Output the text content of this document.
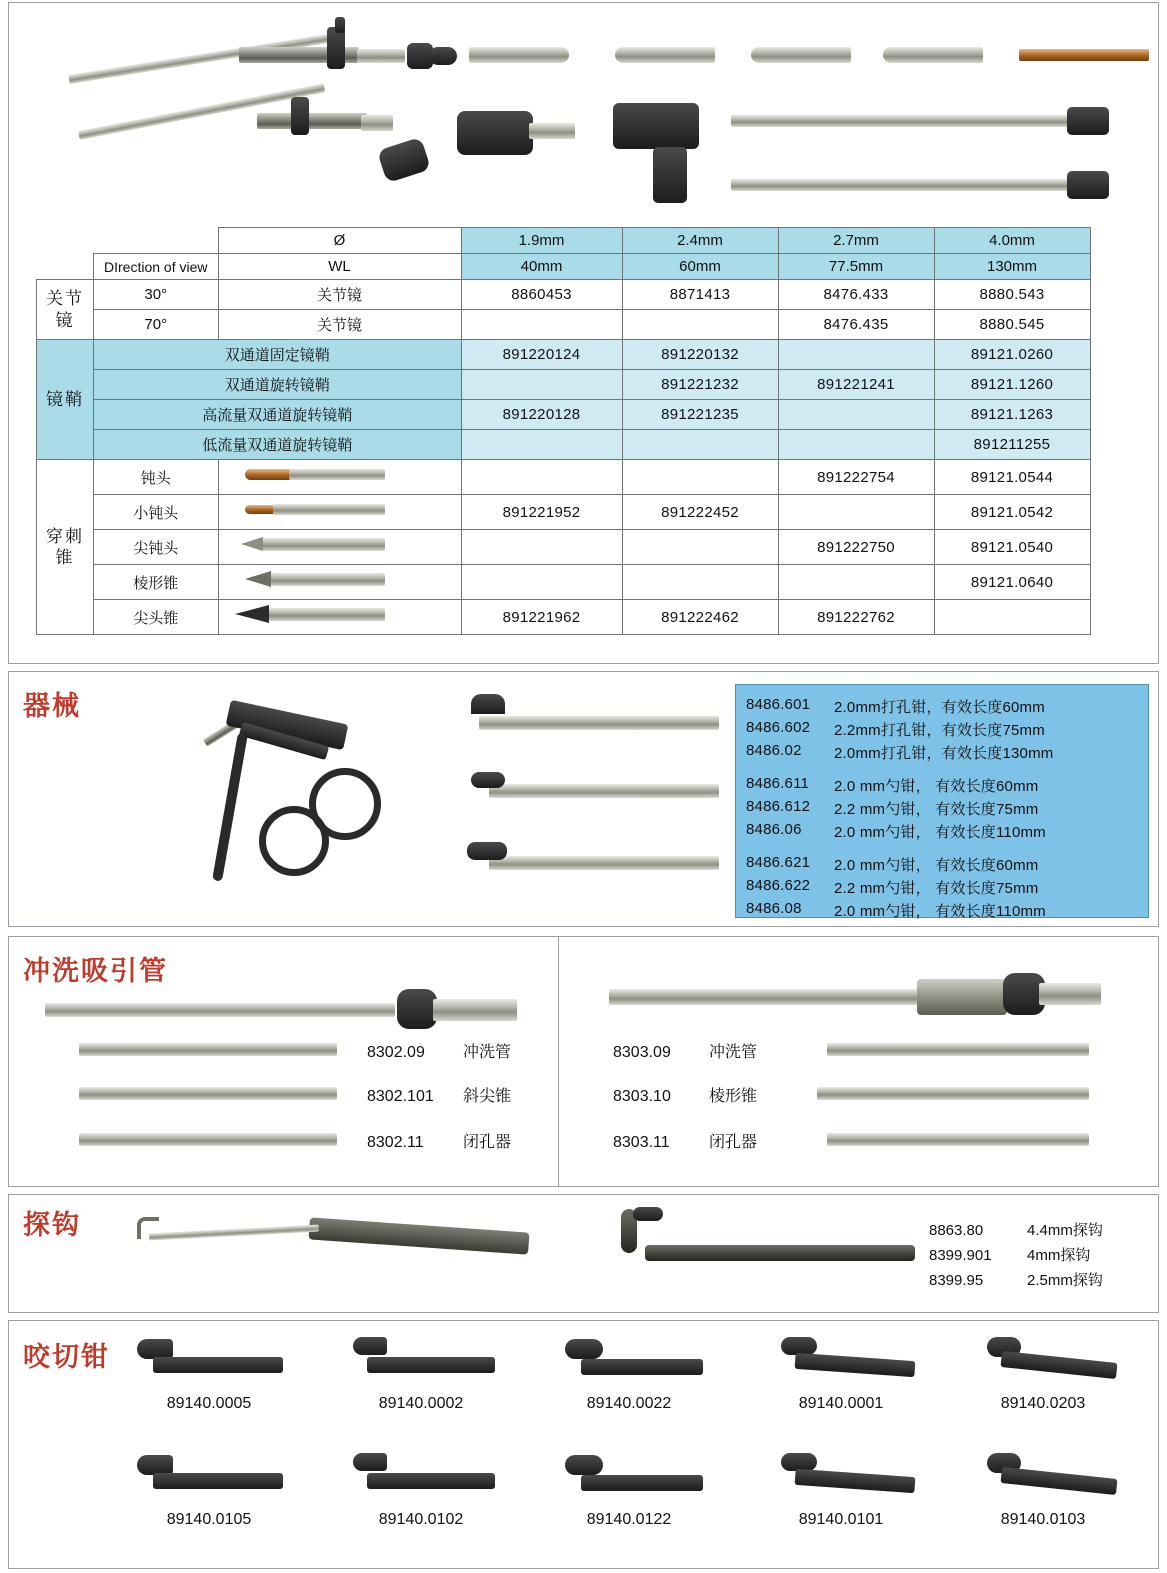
		Ø	1.9mm	2.4mm	2.7mm	4.0mm
	DIrection of view	WL	40mm	60mm	77.5mm	130mm
关节镜	30°	关节镜	8860453	8871413	8476.433	8880.543
	70°	关节镜			8476.435	8880.545
镜鞘	双通道固定镜鞘		891220124	891220132		89121.0260
	双通道旋转镜鞘			891221232	891221241	89121.1260
	高流量双通道旋转镜鞘		891220128	891221235		89121.1263
	低流量双通道旋转镜鞘					891211255
穿刺锥	钝头				891222754	89121.0544
	小钝头		891221952	891222452		89121.0542
	尖钝头				891222750	89121.0540
	棱形锥					89121.0640
	尖头锥		891221962	891222462	891222762	
器械	8486.601	2.0mm打孔钳，有效长度60mm
8486.602	2.2mm打孔钳，有效长度75mm
8486.02	2.0mm打孔钳，有效长度130mm
8486.611	2.0 mm勺钳， 有效长度60mm
8486.612	2.2 mm勺钳， 有效长度75mm
8486.06	2.0 mm勺钳， 有效长度110mm
8486.621	2.0 mm勺钳， 有效长度60mm
8486.622	2.2 mm勺钳， 有效长度75mm
8486.08	2.0 mm勺钳， 有效长度110mm
冲洗吸引管
8302.09 冲洗管
8302.101 斜尖锥
8302.11 闭孔器
8303.09 冲洗管
8303.10 棱形锥
8303.11 闭孔器
探钩	8863.80	4.4mm探钩
8399.901 4mm探钩
8399.95	2.5mm探钩
咬切钳
89140.0005	89140.0002	89140.0022	89140.0001	89140.0203
89140.0105	89140.0102	89140.0122	89140.0101	89140.0103
